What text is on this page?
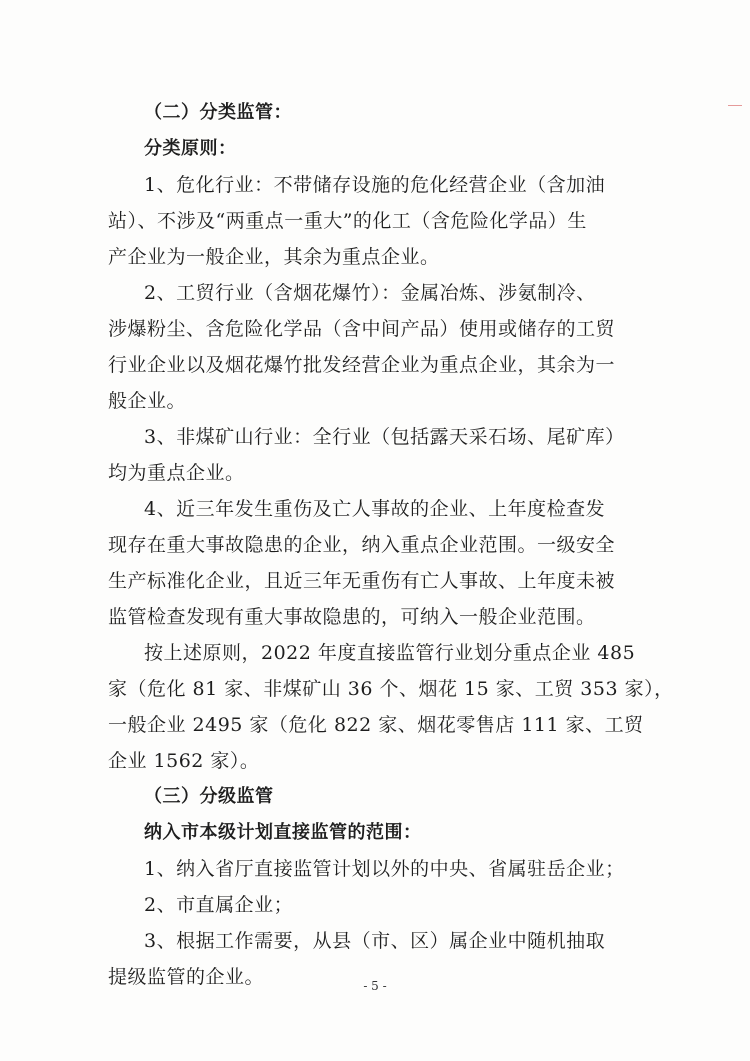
（二）分类监管：
分类原则：
1、危化行业：不带储存设施的危化经营企业（含加油
站）、不涉及“两重点一重大”的化工（含危险化学品）生
产企业为一般企业，其余为重点企业。
2、工贸行业（含烟花爆竹）：金属冶炼、涉氨制冷、
涉爆粉尘、含危险化学品（含中间产品）使用或储存的工贸
行业企业以及烟花爆竹批发经营企业为重点企业，其余为一
般企业。
3、非煤矿山行业：全行业（包括露天采石场、尾矿库）
均为重点企业。
4、近三年发生重伤及亡人事故的企业、上年度检查发
现存在重大事故隐患的企业，纳入重点企业范围。一级安全
生产标准化企业，且近三年无重伤有亡人事故、上年度未被
监管检查发现有重大事故隐患的，可纳入一般企业范围。
按上述原则，2022 年度直接监管行业划分重点企业 485
家（危化 81 家、非煤矿山 36 个、烟花 15 家、工贸 353 家），
一般企业 2495 家（危化 822 家、烟花零售店 111 家、工贸
企业 1562 家）。
（三）分级监管
纳入市本级计划直接监管的范围：
1、纳入省厅直接监管计划以外的中央、省属驻岳企业；
2、市直属企业；
3、根据工作需要，从县（市、区）属企业中随机抽取
提级监管的企业。	- 5 -
